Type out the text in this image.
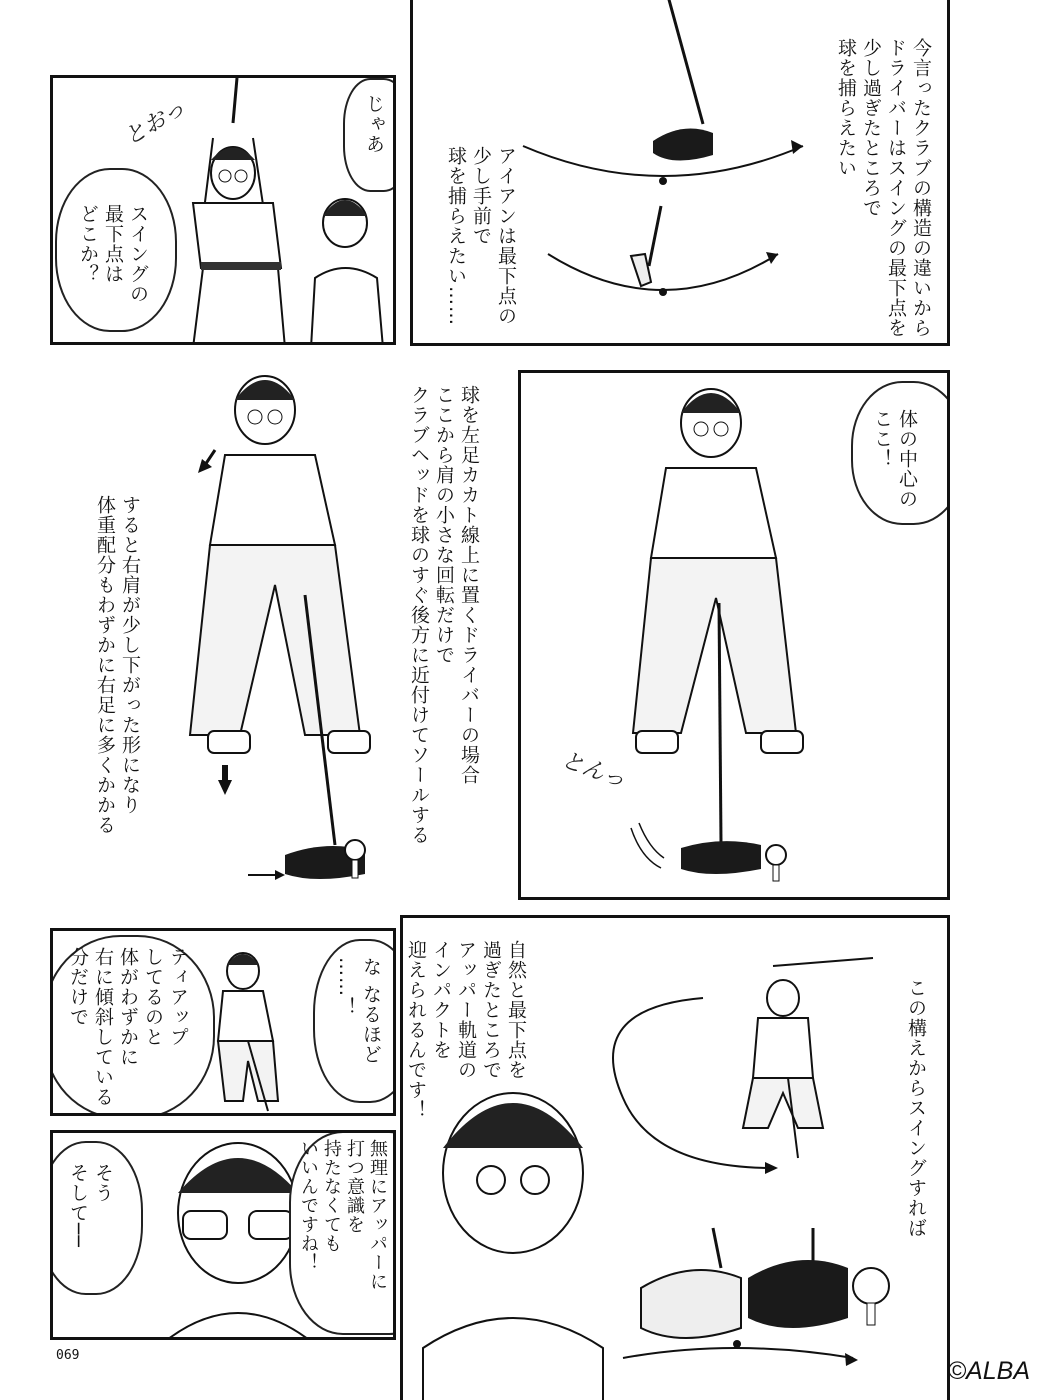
とおっ	じゃあ
スイングの
最下点は
どこか？	今言ったクラブの構造の違いから
ドライバーはスイングの最下点を
少し過ぎたところで
球を捕らえたい
アイアンは最下点の
少し手前で
球を捕らえたい……
すると右肩が少し下がった形になり
体重配分もわずかに右足に多くかかる	球を左足カカト線上に置くドライバーの場合
ここから肩の小さな回転だけで
クラブヘッドを球のすぐ後方に近付けてソールする	体の中心の
ここ！
とんっ
ティアップ
してるのと
体がわずかに
右に傾斜している
分だけで	な なるほど
……！	自然と最下点を
過ぎたところで
アッパー軌道の
インパクトを
迎えられるんです！	この構えからスイングすれば
そう
そして──	無理にアッパーに
打つ意識を
持たなくても
いいんですね！
069
©ALBA
